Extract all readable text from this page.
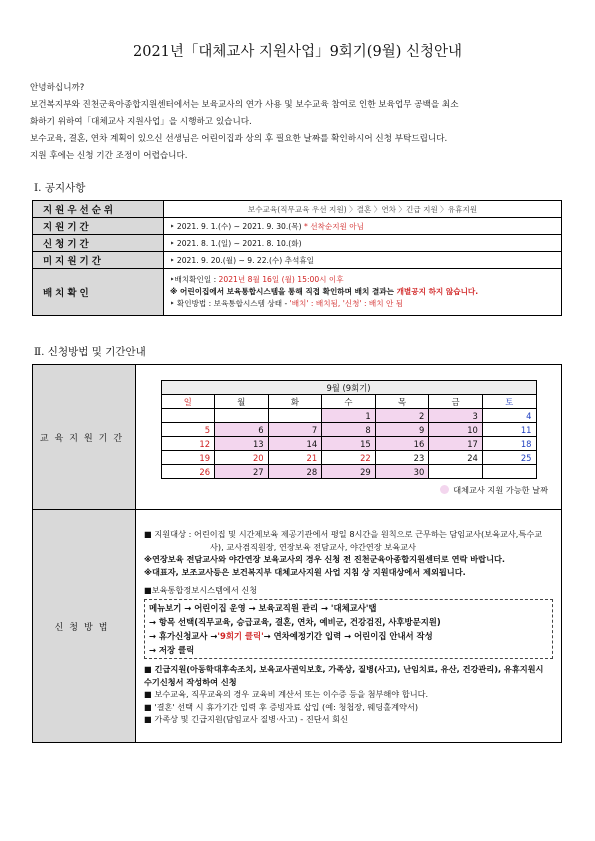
2021년「대체교사 지원사업」9회기(9월) 신청안내

안녕하십니까?

보건복지부와 진천군육아종합지원센터에서는 보육교사의 연가 사용 및 보수교육 참여로 인한 보육업무 공백을 최소

화하기 위하여「대체교사 지원사업」을 시행하고 있습니다.

보수교육, 결혼, 연차 계획이 있으신 선생님은 어린이집과 상의 후 필요한 날짜를 확인하시어 신청 부탁드립니다.

지원 후에는 신청 기간 조정이 어렵습니다.

Ⅰ. 공지사항
지원우선순위	보수교육(직무교육 우선 지원) 〉결혼 〉연차 〉긴급 지원 〉유휴지원
지원기간	‣ 2021. 9. 1.(수) ~ 2021. 9. 30.(목) * 선착순지원 아님
신청기간	‣ 2021. 8. 1.(일) ~ 2021. 8. 10.(화)
미지원기간	‣ 2021. 9. 20.(월) ~ 9. 22.(수) 추석휴일
배치확인	‣배치확인일 : 2021년 8월 16일 (월) 15:00시 이후
※ 어린이집에서 보육통합시스템을 통해 직접 확인하며 배치 결과는 개별공지 하지 않습니다.
‣ 확인방법 : 보육통합시스템 상태 - '배치' : 배치됨, '신청' : 배치 안 됨
Ⅱ. 신청방법 및 기간안내
교육지원기간	
9월 (9회기)
일	월	화	수	목	금	토
			1	2	3	4
5	6	7	8	9	10	11
12	13	14	15	16	17	18
19	20	21	22	23	24	25
26	27	28	29	30		
대체교사 지원 가능한 날짜

신청방법	

■ 지원대상 : 어린이집 및 시간제보육 제공기관에서 평일 8시간을 원칙으로 근무하는 담임교사(보육교사,특수교사), 교사겸직원장, 연장보육 전담교사, 야간연장 보육교사

※연장보육 전담교사와 야간연장 보육교사의 경우 신청 전 진천군육아종합지원센터로 연락 바랍니다.

※대표자, 보조교사등은 보건복지부 대체교사지원 사업 지침 상 지원대상에서 제외됩니다.

■보육통합정보시스템에서 신청

메뉴보기 → 어린이집 운영 → 보육교직원 관리 → '대체교사'탭
→ 항목 선택(직무교육, 승급교육, 결혼, 연차, 예비군, 건강검진, 사후방문지원)
→ 휴가신청교사 →'9회기 클릭'→ 연차예정기간 입력 → 어린이집 안내서 작성
→ 저장 클릭

■ 긴급지원(아동학대후속조치, 보육교사권익보호, 가족상, 질병(사고), 난임치료, 유산, 건강관리), 유휴지원시 수기신청서 작성하여 신청

■ 보수교육, 직무교육의 경우 교육비 계산서 또는 이수증 등을 첨부해야 합니다.

■ '결혼' 선택 시 휴가기간 입력 후 증빙자료 삽입 (예: 청첩장, 웨딩홀계약서)

■ 가족상 및 긴급지원(담임교사 질병·사고) - 진단서 회신
